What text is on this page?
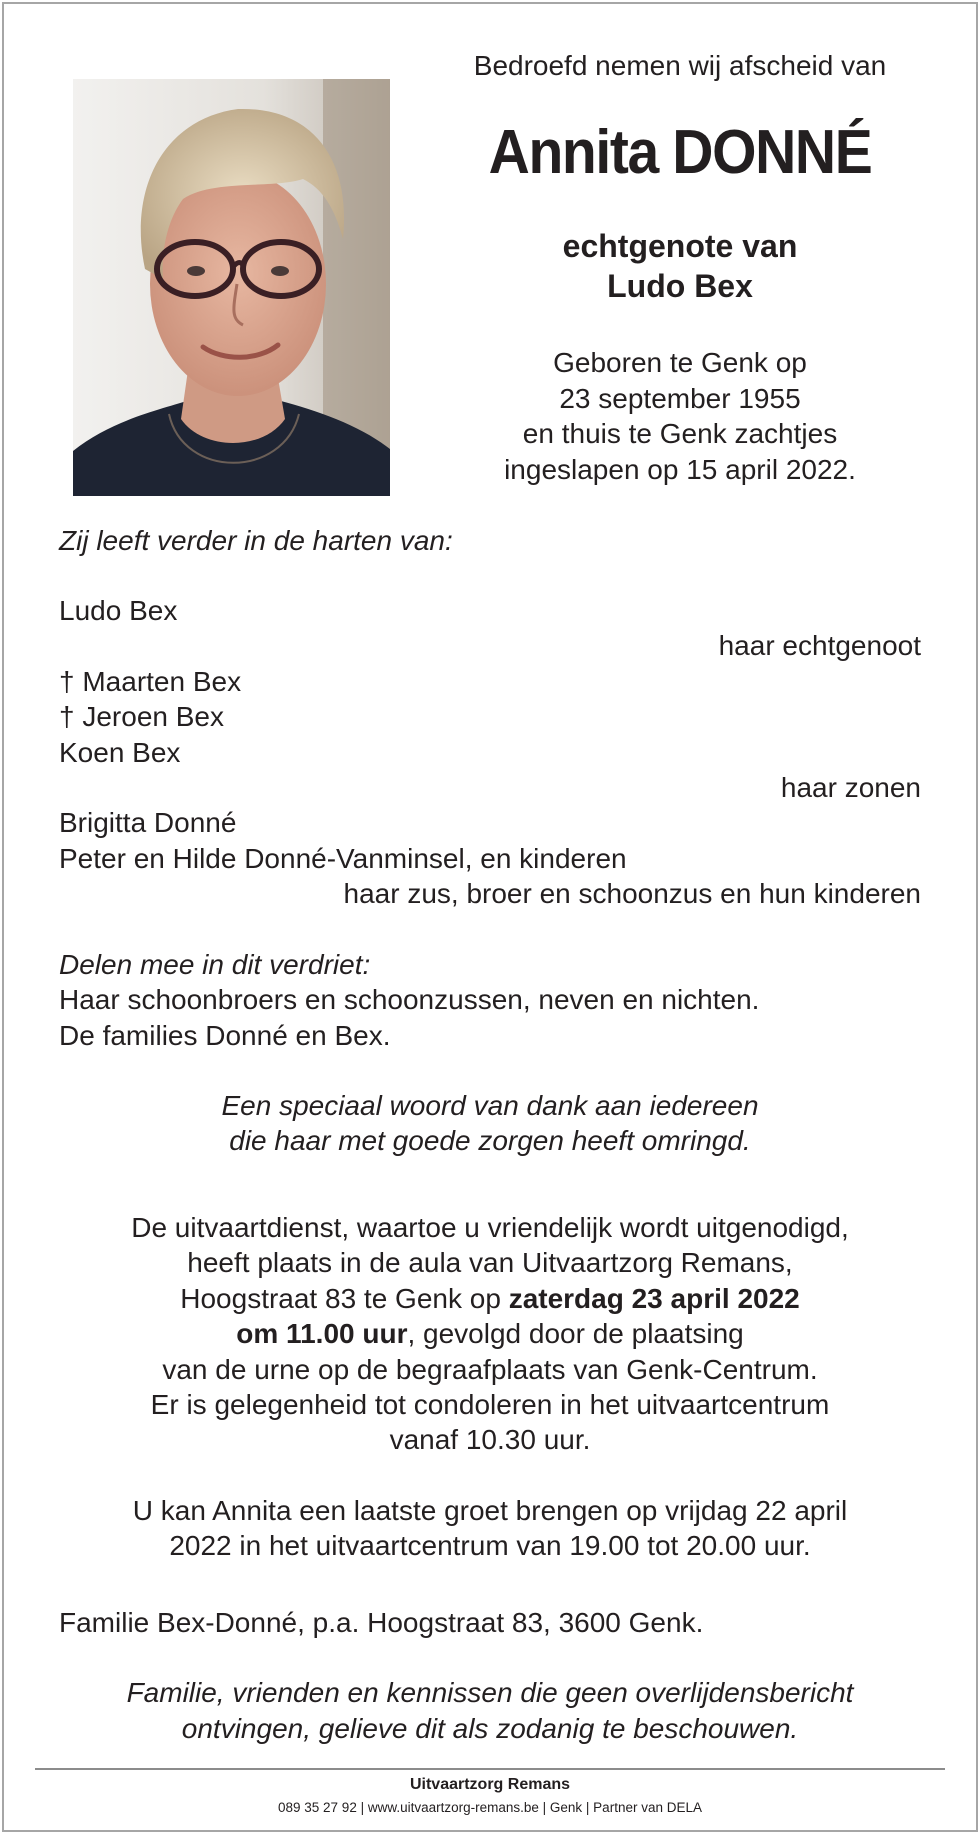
Bedroefd nemen wij afscheid van
Annita DONNÉ
echtgenote van
Ludo Bex
Geboren te Genk op
23 september 1955
en thuis te Genk zachtjes
ingeslapen op 15 april 2022.
Zij leeft verder in de harten van:
Ludo Bex
haar echtgenoot
† Maarten Bex
† Jeroen Bex
Koen Bex
haar zonen
Brigitta Donné
Peter en Hilde Donné-Vanminsel, en kinderen
haar zus, broer en schoonzus en hun kinderen
Delen mee in dit verdriet:
Haar schoonbroers en schoonzussen, neven en nichten.
De families Donné en Bex.
Een speciaal woord van dank aan iedereen
die haar met goede zorgen heeft omringd.
De uitvaartdienst, waartoe u vriendelijk wordt uitgenodigd,
heeft plaats in de aula van Uitvaartzorg Remans,
Hoogstraat 83 te Genk op zaterdag 23 april 2022
om 11.00 uur, gevolgd door de plaatsing
van de urne op de begraafplaats van Genk-Centrum.
Er is gelegenheid tot condoleren in het uitvaartcentrum
vanaf 10.30 uur.
U kan Annita een laatste groet brengen op vrijdag 22 april
2022 in het uitvaartcentrum van 19.00 tot 20.00 uur.
Familie Bex-Donné, p.a. Hoogstraat 83, 3600 Genk.
Familie, vrienden en kennissen die geen overlijdensbericht
ontvingen, gelieve dit als zodanig te beschouwen.
Uitvaartzorg Remans
089 35 27 92 | www.uitvaartzorg-remans.be | Genk | Partner van DELA
